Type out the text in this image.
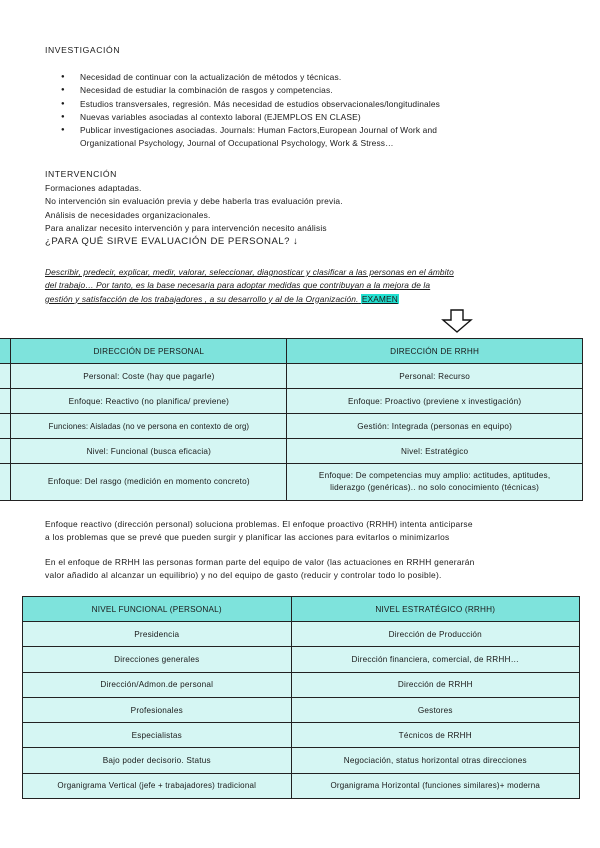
INVESTIGACIÓN
● Necesidad de continuar con la actualización de métodos y técnicas.
● Necesidad de estudiar la combinación de rasgos y competencias.
● Estudios transversales, regresión. Más necesidad de estudios observacionales/longitudinales
● Nuevas variables asociadas al contexto laboral (EJEMPLOS EN CLASE)
● Publicar investigaciones asociadas. Journals: Human Factors,European Journal of Work and
Organizational Psychology, Journal of Occupational Psychology, Work & Stress…
INTERVENCIÓN
Formaciones adaptadas.
No intervención sin evaluación previa y debe haberla tras evaluación previa.
Análisis de necesidades organizacionales.
Para analizar necesito intervención y para intervención necesito análisis
¿PARA QUÉ SIRVE EVALUACIÓN DE PERSONAL? ↓
Describir, predecir, explicar, medir, valorar, seleccionar, diagnosticar y clasificar a las personas en el ámbito
del trabajo… Por tanto, es la base necesaria para adoptar medidas que contribuyan a la mejora de la
gestión y satisfacción de los trabajadores , a su desarrollo y al de la Organización. EXAMEN
	DIRECCIÓN DE PERSONAL	DIRECCIÓN DE RRHH
	Personal: Coste (hay que pagarle)	Personal: Recurso
	Enfoque: Reactivo (no planifica/ previene)	Enfoque: Proactivo (previene x investigación)
	Funciones: Aisladas (no ve persona en contexto de org)	Gestión: Integrada (personas en equipo)
	Nivel: Funcional (busca eficacia)	Nivel: Estratégico
	Enfoque: Del rasgo (medición en momento concreto)	Enfoque: De competencias muy amplio: actitudes, aptitudes,
liderazgo (genéricas).. no solo conocimiento (técnicas)
Enfoque reactivo (dirección personal) soluciona problemas. El enfoque proactivo (RRHH) intenta anticiparse
a los problemas que se prevé que pueden surgir y planificar las acciones para evitarlos o minimizarlos
En el enfoque de RRHH las personas forman parte del equipo de valor (las actuaciones en RRHH generarán
valor añadido al alcanzar un equilibrio) y no del equipo de gasto (reducir y controlar todo lo posible).
NIVEL FUNCIONAL (PERSONAL)	NIVEL ESTRATÉGICO (RRHH)
Presidencia	Dirección de Producción
Direcciones generales	Dirección financiera, comercial, de RRHH…
Dirección/Admon.de personal	Dirección de RRHH
Profesionales	Gestores
Especialistas	Técnicos de RRHH
Bajo poder decisorio. Status	Negociación, status horizontal otras direcciones
Organigrama Vertical (jefe + trabajadores) tradicional	Organigrama Horizontal (funciones similares)+ moderna
